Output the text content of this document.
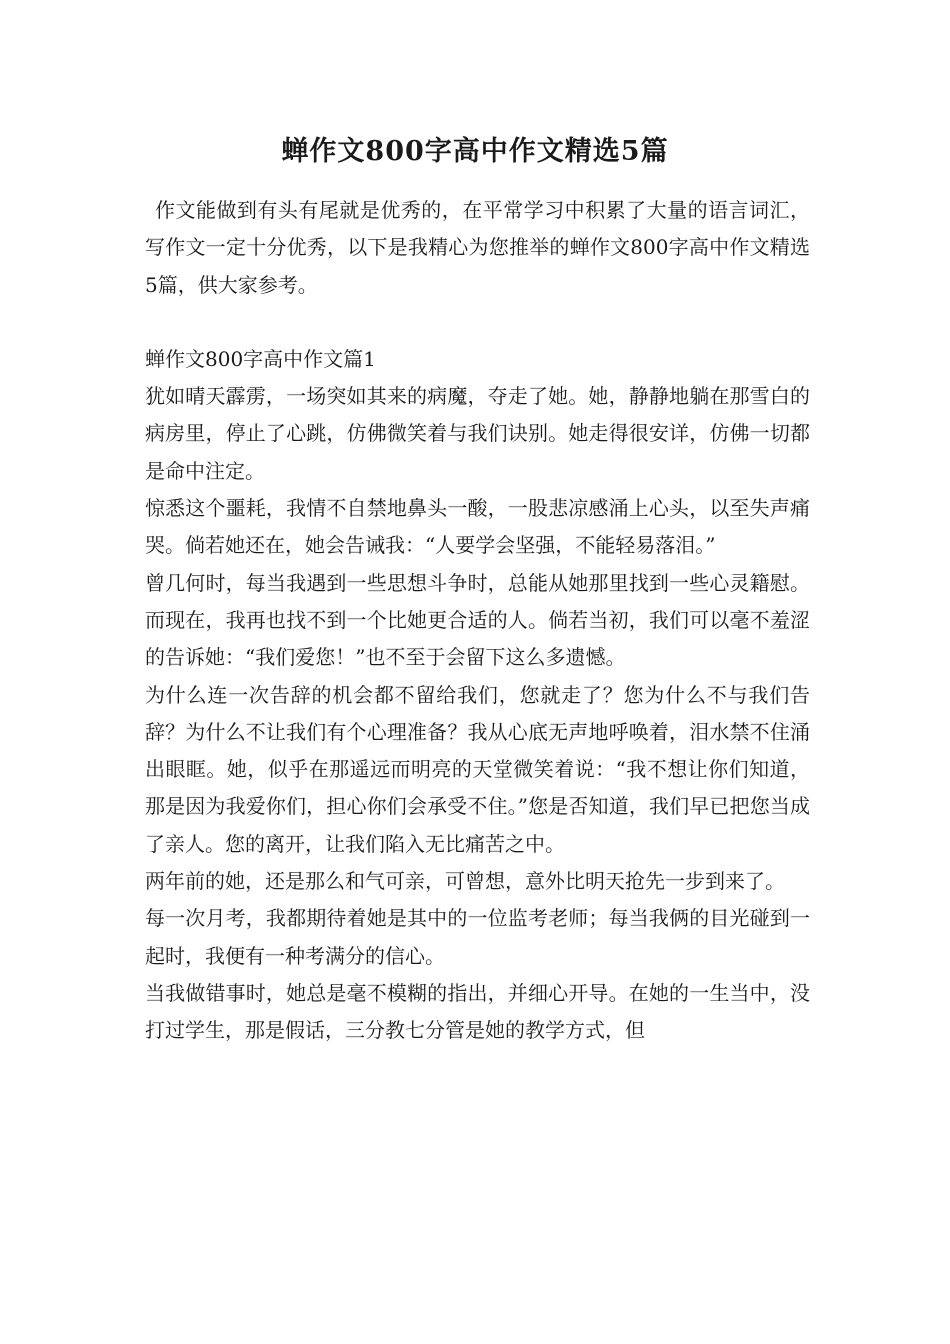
蝉作文800字高中作文精选5篇

作文能做到有头有尾就是优秀的，在平常学习中积累了大量的语言词汇，写作文一定十分优秀，以下是我精心为您推举的蝉作文800字高中作文精选5篇，供大家参考。

蝉作文800字高中作文篇1

犹如晴天霹雳，一场突如其来的病魔，夺走了她。她，静静地躺在那雪白的病房里，停止了心跳，仿佛微笑着与我们诀别。她走得很安详，仿佛一切都是命中注定。

惊悉这个噩耗，我情不自禁地鼻头一酸，一股悲凉感涌上心头，以至失声痛哭。倘若她还在，她会告诫我：“人要学会坚强，不能轻易落泪。”

曾几何时，每当我遇到一些思想斗争时，总能从她那里找到一些心灵籍慰。而现在，我再也找不到一个比她更合适的人。倘若当初，我们可以毫不羞涩的告诉她：“我们爱您！”也不至于会留下这么多遗憾。

为什么连一次告辞的机会都不留给我们，您就走了？您为什么不与我们告辞？为什么不让我们有个心理准备？我从心底无声地呼唤着，泪水禁不住涌出眼眶。她，似乎在那遥远而明亮的天堂微笑着说：“我不想让你们知道，那是因为我爱你们，担心你们会承受不住。”您是否知道，我们早已把您当成了亲人。您的离开，让我们陷入无比痛苦之中。

两年前的她，还是那么和气可亲，可曾想，意外比明天抢先一步到来了。

每一次月考，我都期待着她是其中的一位监考老师；每当我俩的目光碰到一起时，我便有一种考满分的信心。

当我做错事时，她总是毫不模糊的指出，并细心开导。在她的一生当中，没打过学生，那是假话，三分教七分管是她的教学方式，但
